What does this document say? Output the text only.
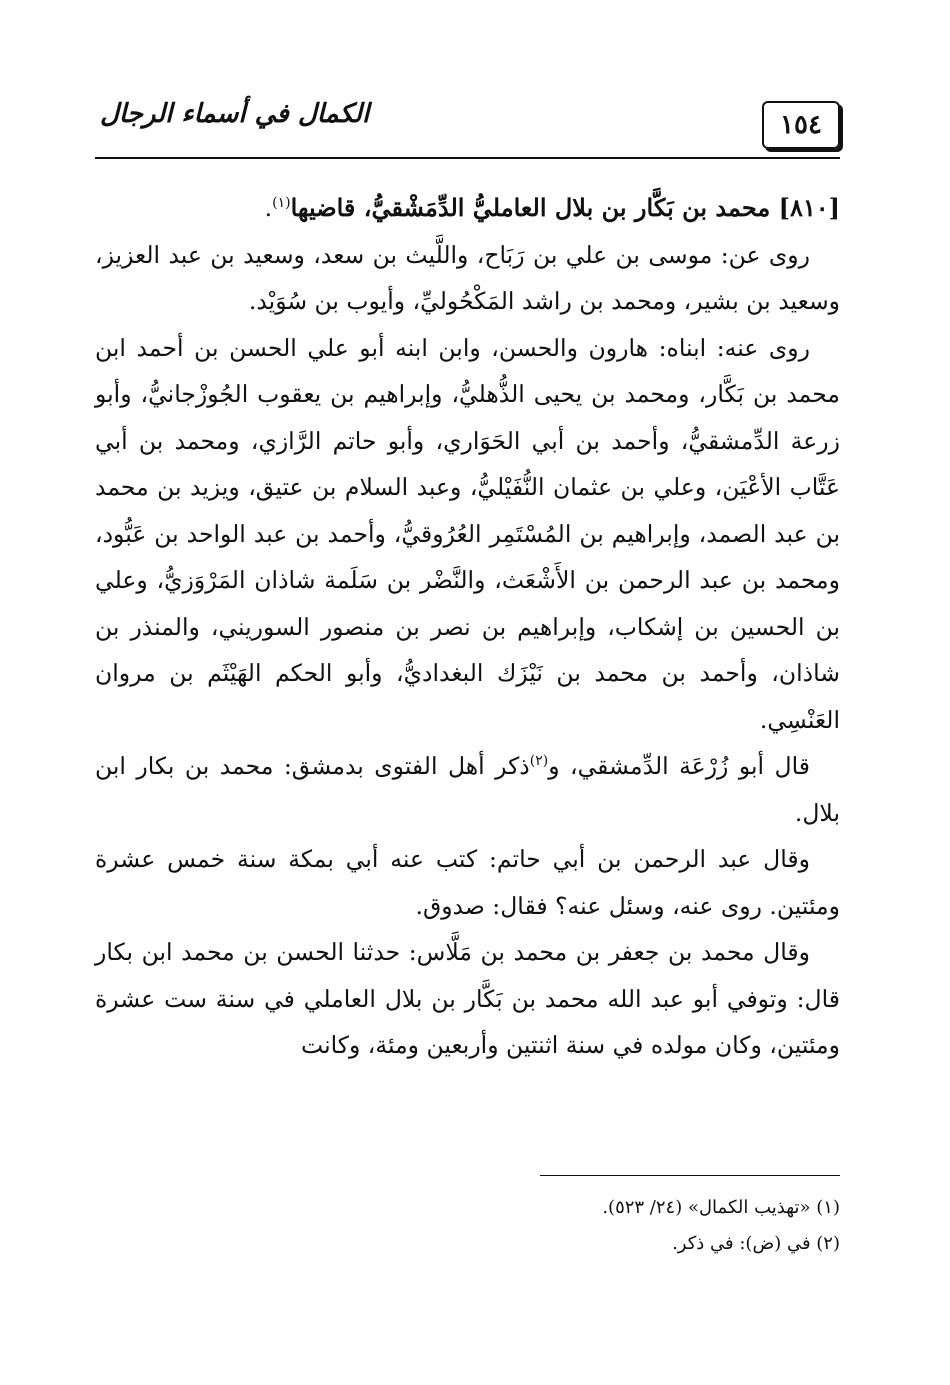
الكمال في أسماء الرجال	١٥٤

[٨١٠] محمد بن بَكَّار بن بلال العامليُّ الدِّمَشْقيُّ، قاضيها$^{(١)}$.

روى عن: موسى بن علي بن رَبَاح، واللَّيث بن سعد، وسعيد بن عبد العزيز، وسعيد بن بشير، ومحمد بن راشد المَكْحُوليِّ، وأيوب بن سُوَيْد.

روى عنه: ابناه: هارون والحسن، وابن ابنه أبو علي الحسن بن أحمد ابن محمد بن بَكَّار، ومحمد بن يحيى الذُّهليُّ، وإبراهيم بن يعقوب الجُوزْجانيُّ، وأبو زرعة الدِّمشقيُّ، وأحمد بن أبي الحَوَاري، وأبو حاتم الرَّازي، ومحمد بن أبي عَتَّاب الأعْيَن، وعلي بن عثمان النُّفَيْليُّ، وعبد السلام بن عتيق، ويزيد بن محمد بن عبد الصمد، وإبراهيم بن المُسْتَمِر العُرُوقيُّ، وأحمد بن عبد الواحد بن عَبُّود، ومحمد بن عبد الرحمن بن الأَشْعَث، والنَّضْر بن سَلَمة شاذان المَرْوَزيُّ، وعلي بن الحسين بن إشكاب، وإبراهيم بن نصر بن منصور السوريني، والمنذر بن شاذان، وأحمد بن محمد بن نَيْزَك البغداديُّ، وأبو الحكم الهَيْثَم بن مروان العَنْسِي.

قال أبو زُرْعَة الدِّمشقي، و$^{(٢)}$ذكر أهل الفتوى بدمشق: محمد بن بكار ابن بلال.

وقال عبد الرحمن بن أبي حاتم: كتب عنه أبي بمكة سنة خمس عشرة ومئتين. روى عنه، وسئل عنه؟ فقال: صدوق.

وقال محمد بن جعفر بن محمد بن مَلَّاس: حدثنا الحسن بن محمد ابن بكار قال: وتوفي أبو عبد الله محمد بن بَكَّار بن بلال العاملي في سنة ست عشرة ومئتين، وكان مولده في سنة اثنتين وأربعين ومئة، وكانت

(١) «تهذيب الكمال» (٢٤/ ٥٢٣).

(٢) في (ض): في ذكر.
